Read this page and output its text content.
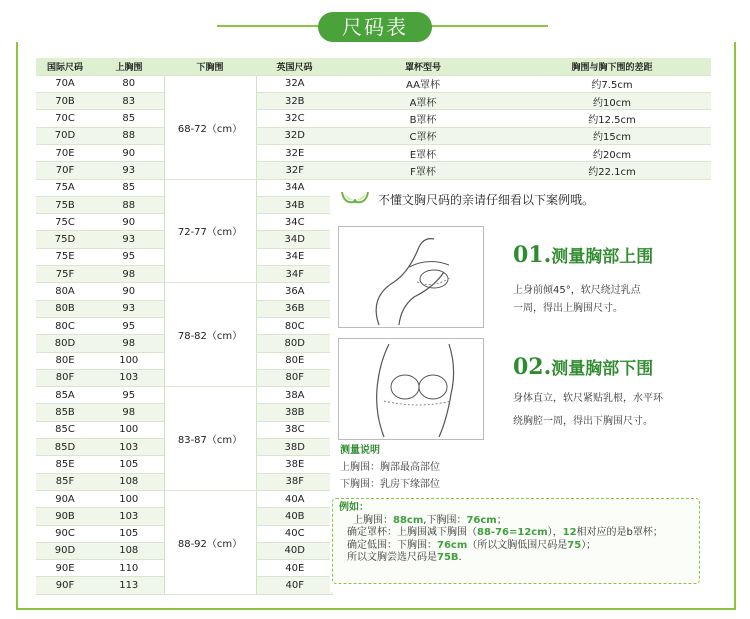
尺码表
国际尺码	上胸围	下胸围	英国尺码	罩杯型号	胸围与胸下围的差距
70A	80	68-72（cm）	32A	AA罩杯	约7.5cm
70B	83		32B	A罩杯	约10cm
70C	85		32C	B罩杯	约12.5cm
70D	88		32D	C罩杯	约15cm
70E	90		32E	E罩杯	约20cm
70F	93		32F	F罩杯	约22.1cm
75A	85	72-77（cm）	34A		
75B	88		34B		
75C	90		34C		
75D	93		34D		
75E	95		34E		
75F	98		34F		
80A	90	78-82（cm）	36A		
80B	93		36B		
80C	95		80C		
80D	98		80D		
80E	100		80E		
80F	103		80F		
85A	95	83-87（cm）	38A		
85B	98		38B		
85C	100		38C		
85D	103		38D		
85E	105		38E		
85F	108		38F		
90A	100	88-92（cm）	40A		
90B	103		40B		
90C	105		40C		
90D	108		40D		
90E	110		40E		
90F	113		40F		
不懂文胸尺码的亲请仔细看以下案例哦。
01.测量胸部上围
上身前倾45°，软尺绕过乳点
一周，得出上胸围尺寸。
02.测量胸部下围
身体直立，软尺紧贴乳根，水平环
绕胸腔一周，得出下胸围尺寸。
测量说明
上胸围：胸部最高部位
下胸围：乳房下缘部位
例如：
上胸围：88cm,下胸围：76cm；
确定罩杯：上胸围减下胸围（88-76=12cm），12相对应的是b罩杯；
确定低围：下胸围：76cm（所以文胸低围尺码是75）；
所以文胸尝选尺码是75B.
